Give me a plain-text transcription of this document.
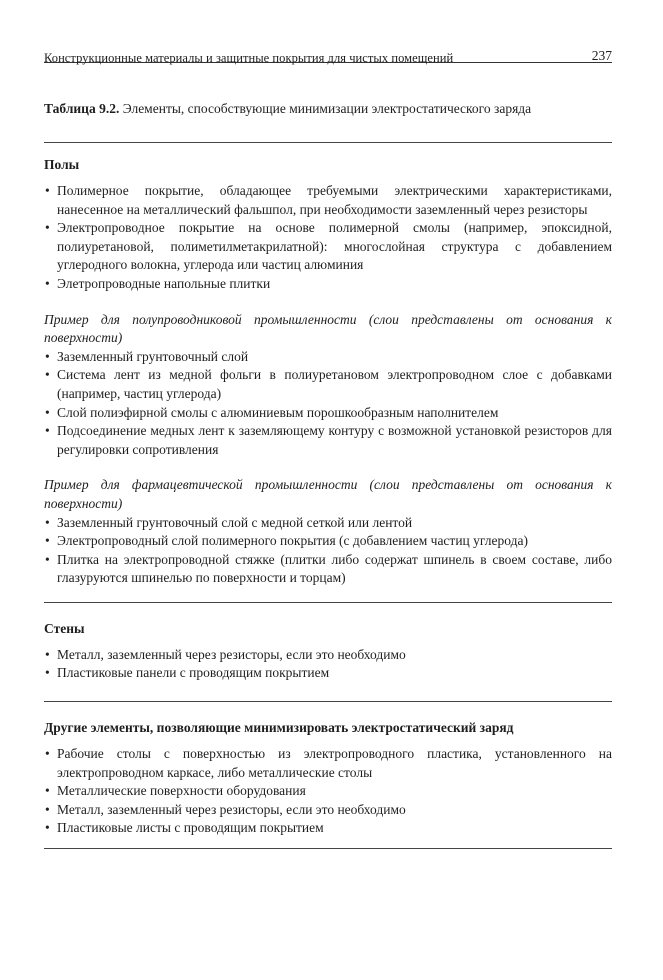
Конструкционные материалы и защитные покрытия для чистых помещений	237
Таблица 9.2. Элементы, способствующие минимизации электростатического заряда
Полы
• Полимерное покрытие, обладающее требуемыми электрическими характеристиками, нанесенное на металлический фальшпол, при необходимости заземленный через резисторы
• Электропроводное покрытие на основе полимерной смолы (например, эпоксидной, полиуретановой, полиметилметакрилатной): многослойная структура с добавлением углеродного волокна, углерода или частиц алюминия
• Элетропроводные напольные плитки
Пример для полупроводниковой промышленности (слои представлены от основания к поверхности)
• Заземленный грунтовочный слой
• Система лент из медной фольги в полиуретановом электропроводном слое с добавками (например, частиц углерода)
• Слой полиэфирной смолы с алюминиевым порошкообразным наполнителем
• Подсоединение медных лент к заземляющему контуру с возможной установкой резисторов для регулировки сопротивления
Пример для фармацевтической промышленности (слои представлены от основания к поверхности)
• Заземленный грунтовочный слой с медной сеткой или лентой
• Электропроводный слой полимерного покрытия (с добавлением частиц углерода)
• Плитка на электропроводной стяжке (плитки либо содержат шпинель в своем составе, либо глазуруются шпинелью по поверхности и торцам)
Стены
• Металл, заземленный через резисторы, если это необходимо
• Пластиковые панели с проводящим покрытием
Другие элементы, позволяющие минимизировать электростатический заряд
• Рабочие столы с поверхностью из электропроводного пластика, установленного на электропроводном каркасе, либо металлические столы
• Металлические поверхности оборудования
• Металл, заземленный через резисторы, если это необходимо
• Пластиковые листы с проводящим покрытием
